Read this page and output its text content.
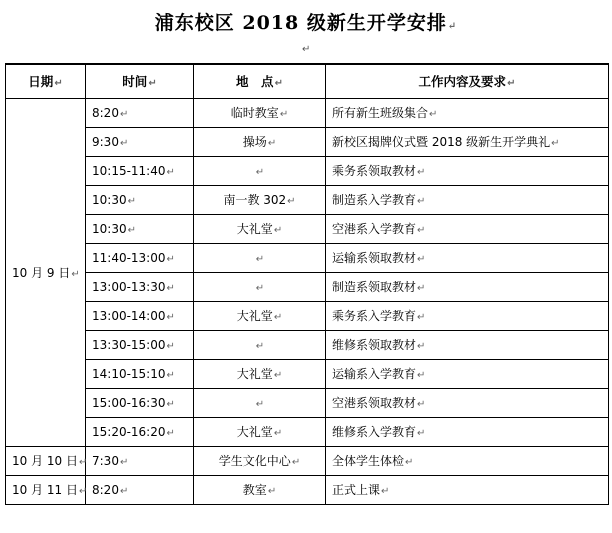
浦东校区 2018 级新生开学安排↵
↵
日期↵	时间↵	地　点↵	工作内容及要求↵
10 月 9 日↵	8:20↵	临时教室↵	所有新生班级集合↵
	9:30↵	操场↵	新校区揭牌仪式暨 2018 级新生开学典礼↵
	10:15-11:40↵	↵	乘务系领取教材↵
	10:30↵	南一教 302↵	制造系入学教育↵
	10:30↵	大礼堂↵	空港系入学教育↵
	11:40-13:00↵	↵	运输系领取教材↵
	13:00-13:30↵	↵	制造系领取教材↵
	13:00-14:00↵	大礼堂↵	乘务系入学教育↵
	13:30-15:00↵	↵	维修系领取教材↵
	14:10-15:10↵	大礼堂↵	运输系入学教育↵
	15:00-16:30↵	↵	空港系领取教材↵
	15:20-16:20↵	大礼堂↵	维修系入学教育↵
10 月 10 日↵	7:30↵	学生文化中心↵	全体学生体检↵
10 月 11 日↵	8:20↵	教室↵	正式上课↵
